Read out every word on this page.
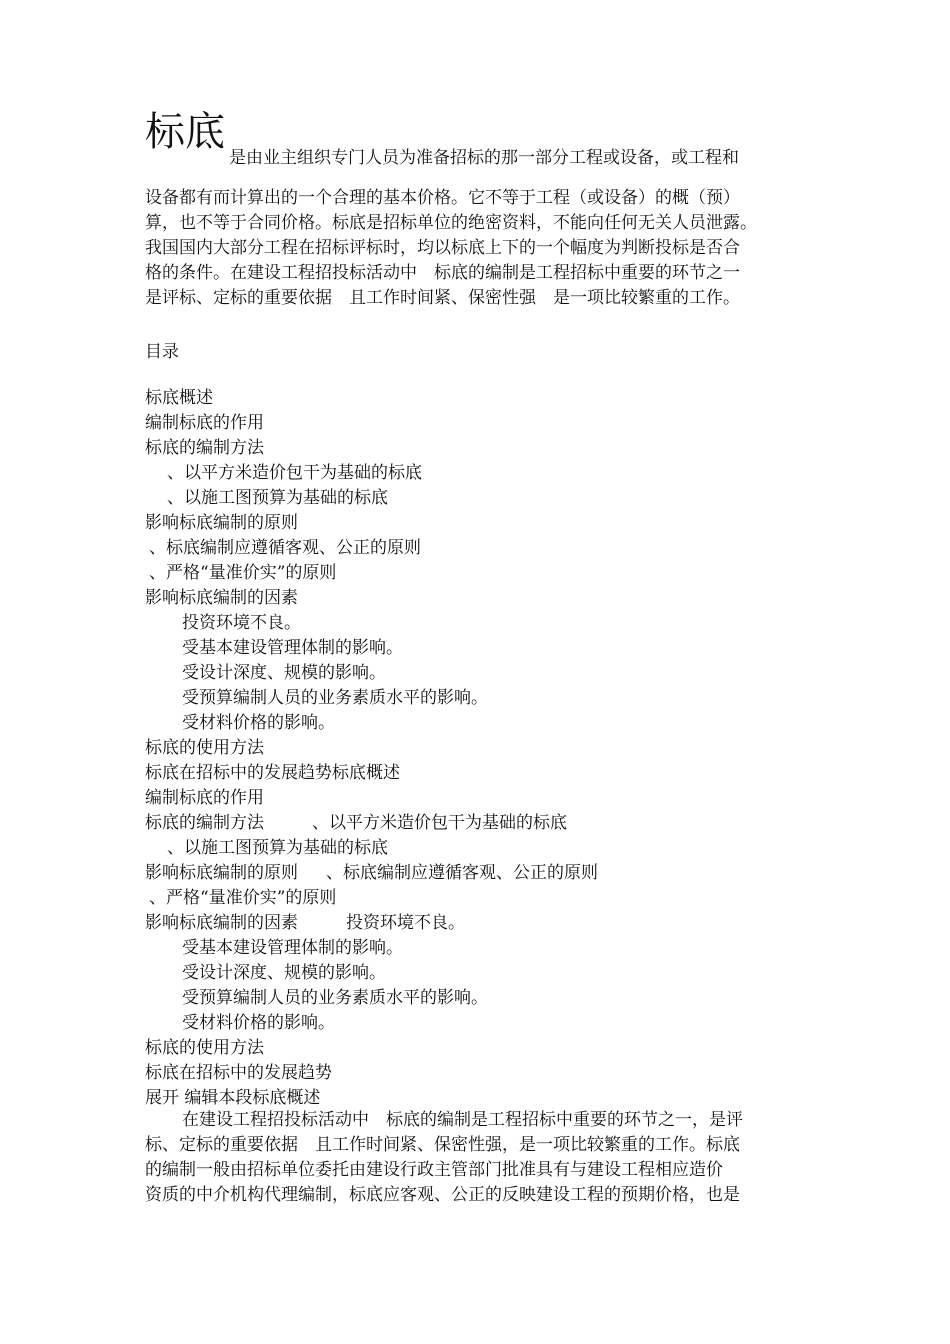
标底
是由业主组织专门人员为准备招标的那一部分工程或设备，或工程和
设备都有而计算出的一个合理的基本价格。它不等于工程（或设备）的概（预）
算，也不等于合同价格。标底是招标单位的绝密资料，不能向任何无关人员泄露。
我国国内大部分工程在招标评标时，均以标底上下的一个幅度为判断投标是否合
格的条件。在建设工程招投标活动中　标底的编制是工程招标中重要的环节之一
是评标、定标的重要依据　且工作时间紧、保密性强　是一项比较繁重的工作。
目录
标底概述
编制标底的作用
标底的编制方法
、以平方米造价包干为基础的标底
、以施工图预算为基础的标底
影响标底编制的原则
、标底编制应遵循客观、公正的原则
、严格“量准价实”的原则
影响标底编制的因素
投资环境不良。
受基本建设管理体制的影响。
受设计深度、规模的影响。
受预算编制人员的业务素质水平的影响。
受材料价格的影响。
标底的使用方法
标底在招标中的发展趋势标底概述
编制标底的作用
标底的编制方法	、以平方米造价包干为基础的标底
、以施工图预算为基础的标底
影响标底编制的原则 、标底编制应遵循客观、公正的原则
、严格“量准价实”的原则
影响标底编制的因素	投资环境不良。
受基本建设管理体制的影响。
受设计深度、规模的影响。
受预算编制人员的业务素质水平的影响。
受材料价格的影响。
标底的使用方法
标底在招标中的发展趋势
展开 编辑本段标底概述
在建设工程招投标活动中　标底的编制是工程招标中重要的环节之一，是评
标、定标的重要依据　且工作时间紧、保密性强，是一项比较繁重的工作。标底
的编制一般由招标单位委托由建设行政主管部门批准具有与建设工程相应造价
资质的中介机构代理编制，标底应客观、公正的反映建设工程的预期价格，也是
